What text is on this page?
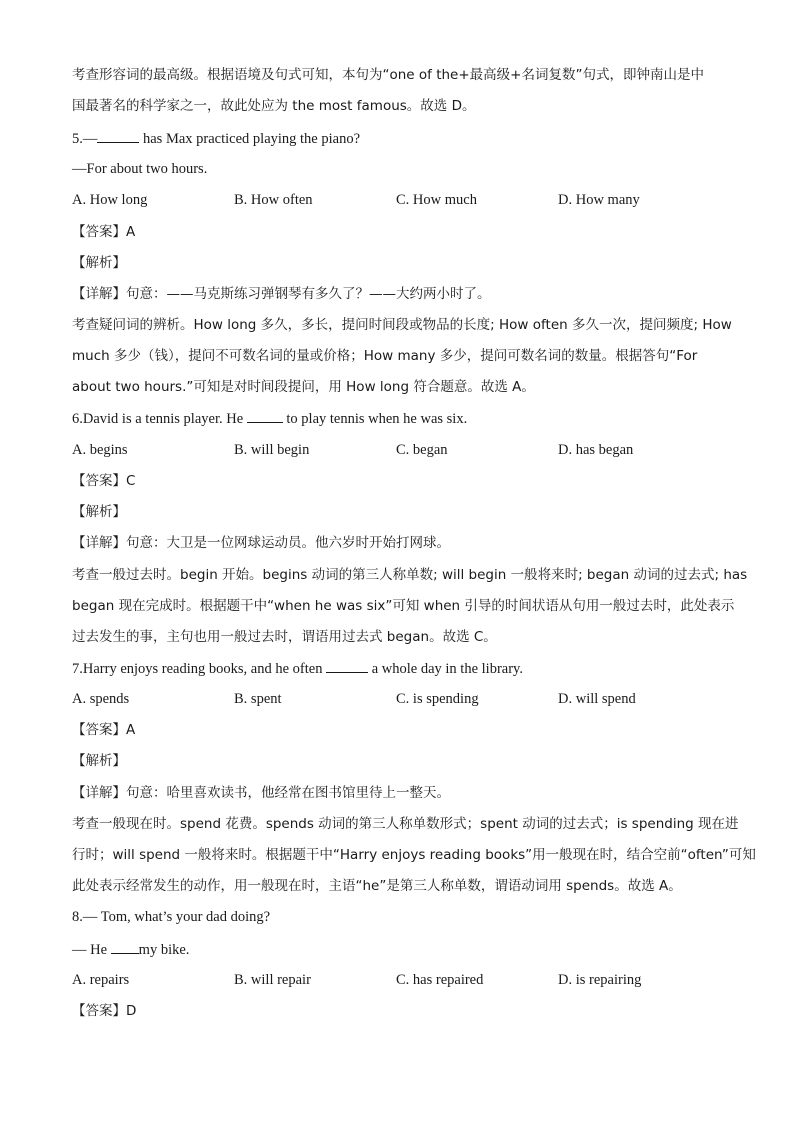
考查形容词的最高级。根据语境及句式可知，本句为“one of the+最高级+名词复数”句式，即钟南山是中
国最著名的科学家之一，故此处应为 the most famous。故选 D。
5.—	has Max practiced playing the piano?
—For about two hours.
A. How long	B. How often	C. How much	D. How many
【答案】A
【解析】
【详解】句意：——马克斯练习弹钢琴有多久了？——大约两小时了。
考查疑问词的辨析。How long 多久，多长，提问时间段或物品的长度; How often 多久一次，提问频度; How
much 多少（钱），提问不可数名词的量或价格；How many 多少，提问可数名词的数量。根据答句“For
about two hours.”可知是对时间段提问，用 How long 符合题意。故选 A。
6.David is a tennis player. He  to play tennis when he was six.
A. begins	B. will begin	C. began	D. has began
【答案】C
【解析】
【详解】句意：大卫是一位网球运动员。他六岁时开始打网球。
考查一般过去时。begin 开始。begins 动词的第三人称单数; will begin 一般将来时; began 动词的过去式; has
began 现在完成时。根据题干中“when he was six”可知 when 引导的时间状语从句用一般过去时，此处表示
过去发生的事，主句也用一般过去时，谓语用过去式 began。故选 C。
7.Harry enjoys reading books, and he often	a whole day in the library.
A. spends	B. spent	C. is spending	D. will spend
【答案】A
【解析】
【详解】句意：哈里喜欢读书，他经常在图书馆里待上一整天。
考查一般现在时。spend 花费。spends 动词的第三人称单数形式；spent 动词的过去式；is spending 现在进
行时；will spend 一般将来时。根据题干中“Harry enjoys reading books”用一般现在时，结合空前“often”可知
此处表示经常发生的动作，用一般现在时，主语“he”是第三人称单数，谓语动词用 spends。故选 A。
8.— Tom, what’s your dad doing?
— He my bike.
A. repairs	B. will repair	C. has repaired	D. is repairing
【答案】D
